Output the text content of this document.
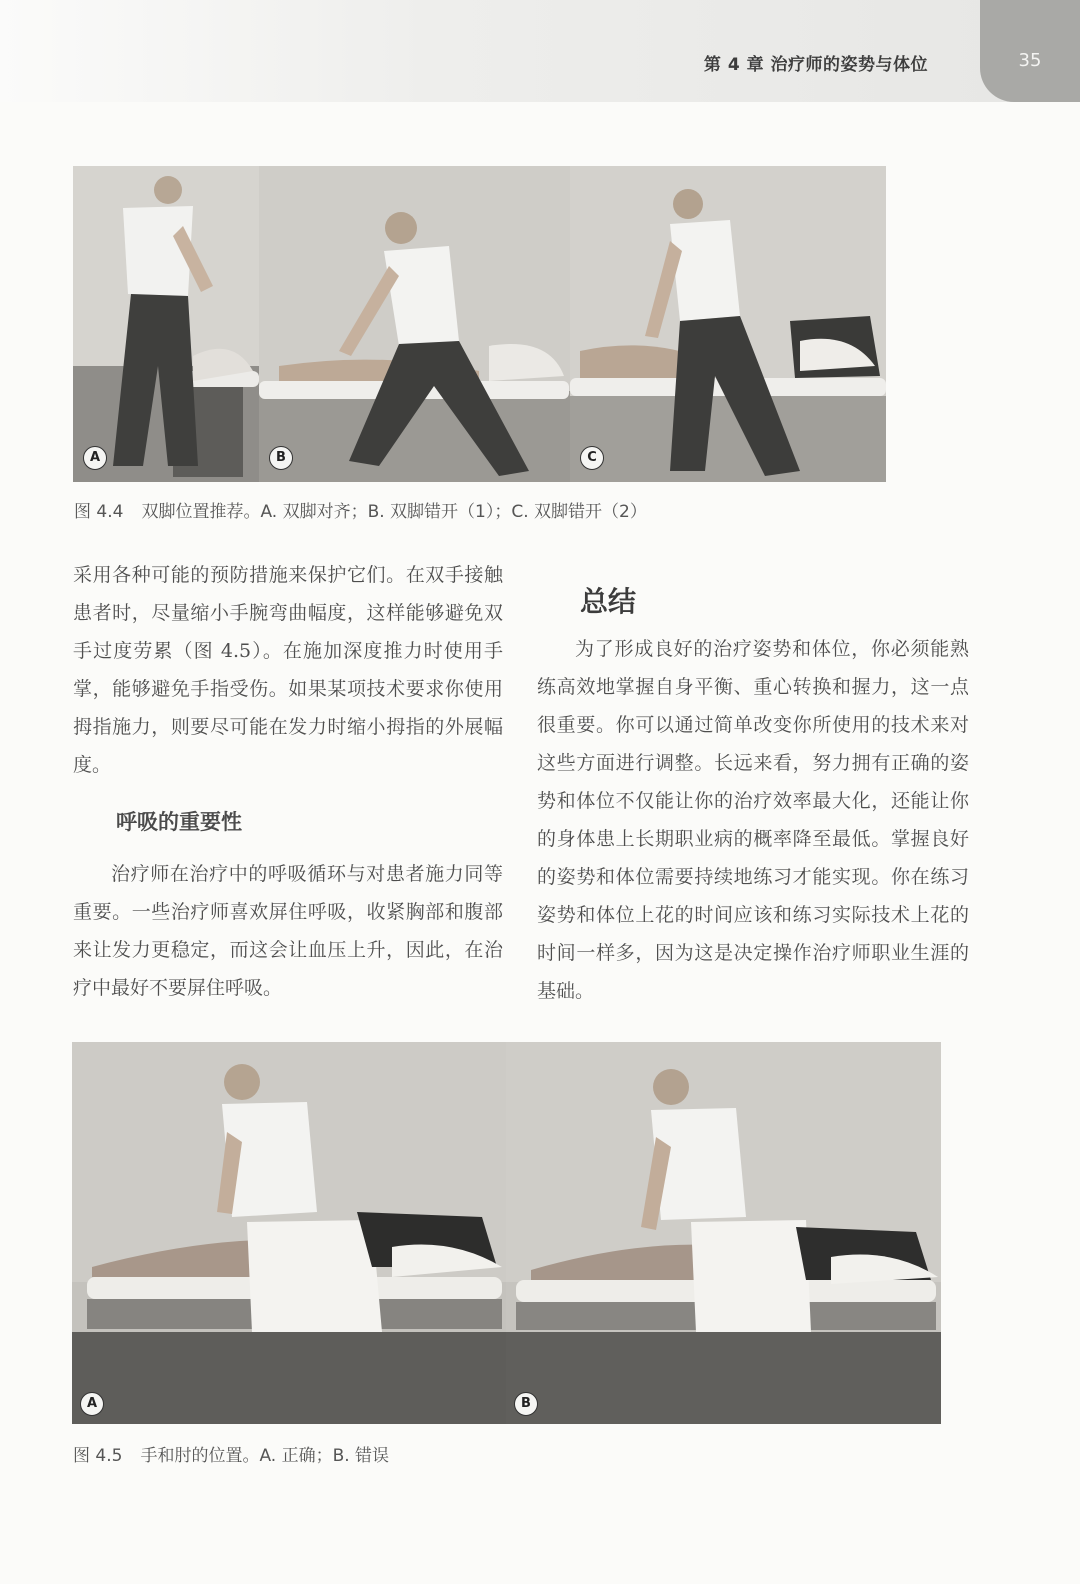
第 4 章 治疗师的姿势与体位	35
A	B	C
图 4.4 双脚位置推荐。A. 双脚对齐；B. 双脚错开（1）；C. 双脚错开（2）

采用各种可能的预防措施来保护它们。在双手接触患者时，尽量缩小手腕弯曲幅度，这样能够避免双手过度劳累（图 4.5）。在施加深度推力时使用手掌，能够避免手指受伤。如果某项技术要求你使用拇指施力，则要尽可能在发力时缩小拇指的外展幅度。

呼吸的重要性

治疗师在治疗中的呼吸循环与对患者施力同等重要。一些治疗师喜欢屏住呼吸，收紧胸部和腹部来让发力更稳定，而这会让血压上升，因此，在治疗中最好不要屏住呼吸。

总结

为了形成良好的治疗姿势和体位，你必须能熟练高效地掌握自身平衡、重心转换和握力，这一点很重要。你可以通过简单改变你所使用的技术来对这些方面进行调整。长远来看，努力拥有正确的姿势和体位不仅能让你的治疗效率最大化，还能让你的身体患上长期职业病的概率降至最低。掌握良好的姿势和体位需要持续地练习才能实现。你在练习姿势和体位上花的时间应该和练习实际技术上花的时间一样多，因为这是决定操作治疗师职业生涯的基础。

A	B
图 4.5 手和肘的位置。A. 正确；B. 错误
